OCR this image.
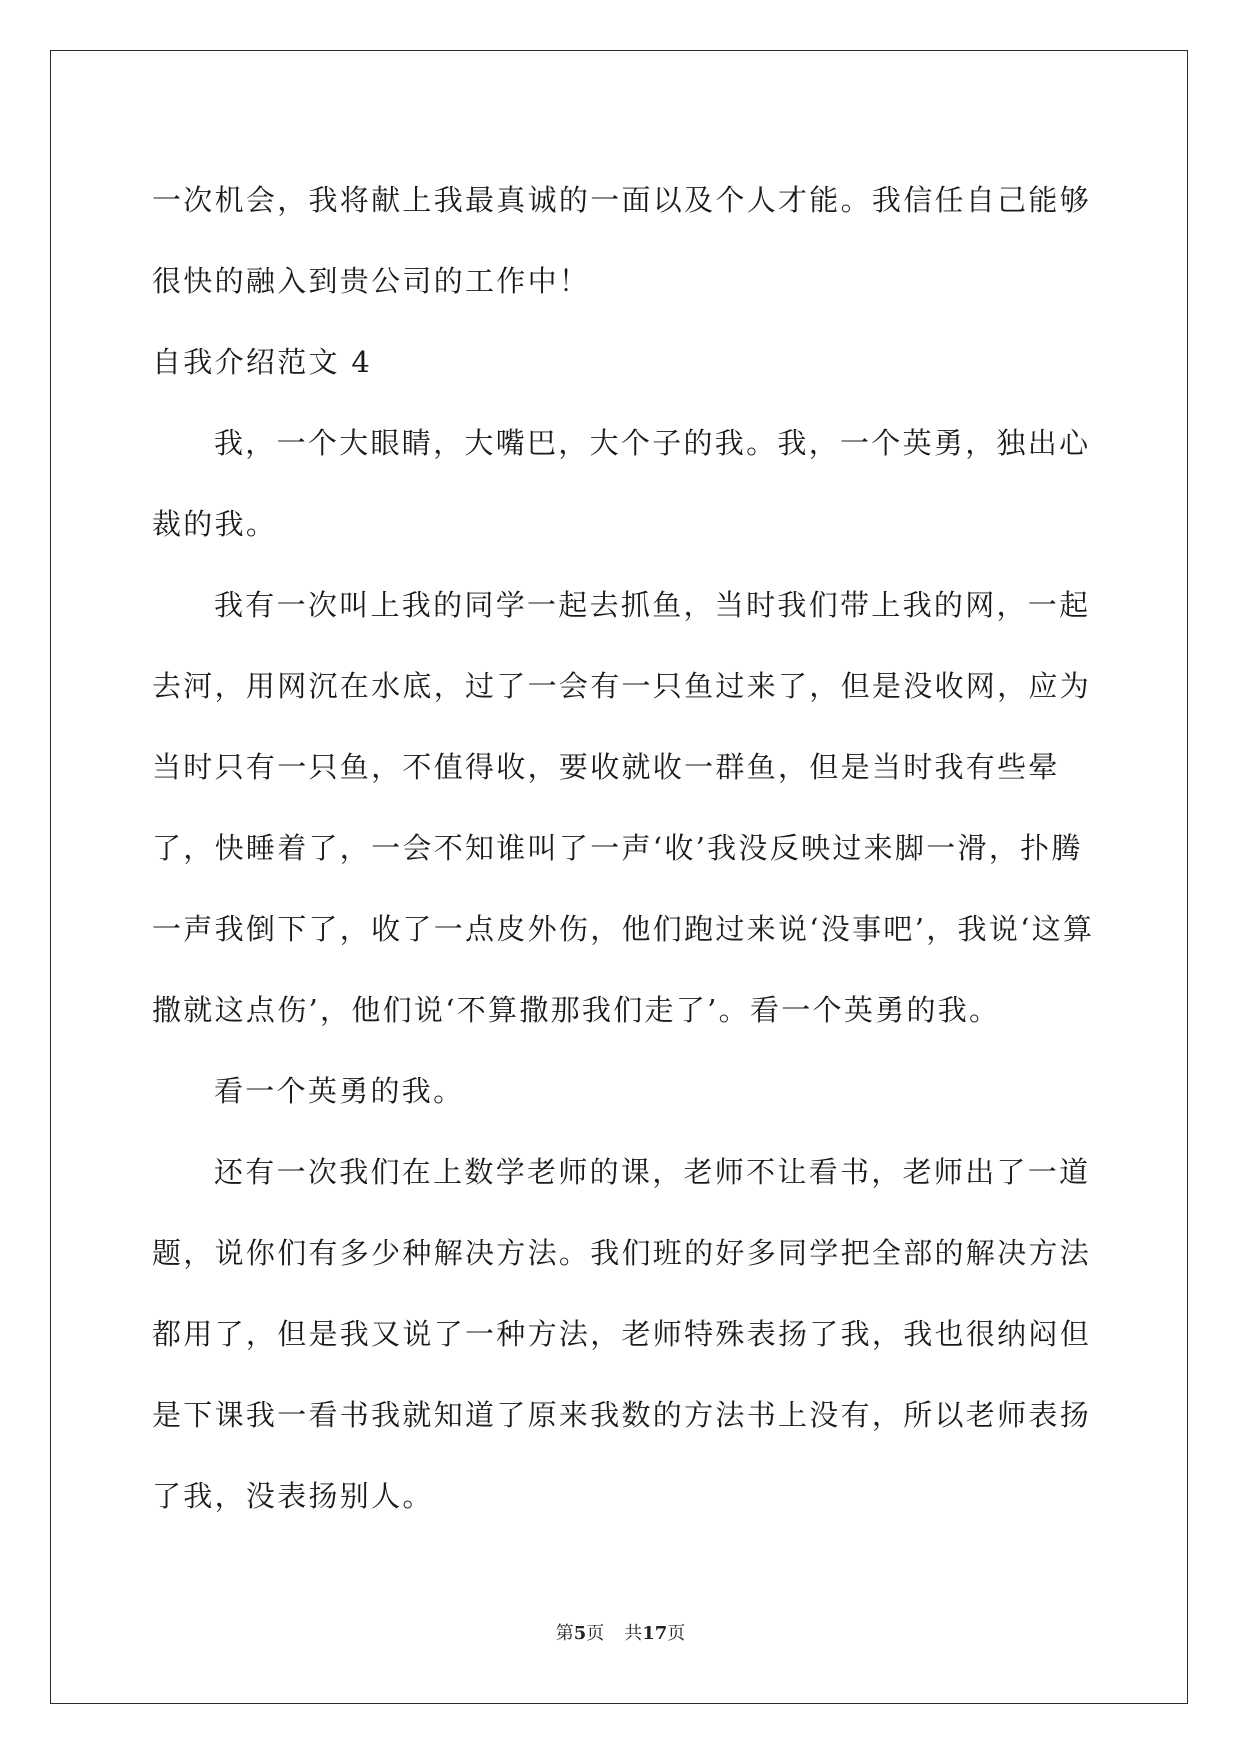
一次机会，我将献上我最真诚的一面以及个人才能。我信任自己能够
很快的融入到贵公司的工作中！

自我介绍范文 4

我，一个大眼睛，大嘴巴，大个子的我。我，一个英勇，独出心裁的我。

我有一次叫上我的同学一起去抓鱼，当时我们带上我的网，一起去河，用网沉在水底，过了一会有一只鱼过来了，但是没收网，应为当时只有一只鱼，不值得收，要收就收一群鱼，但是当时我有些晕了，快睡着了，一会不知谁叫了一声‘收’我没反映过来脚一滑，扑腾一声我倒下了，收了一点皮外伤，他们跑过来说‘没事吧’，我说‘这算撒就这点伤’，他们说‘不算撒那我们走了’。看一个英勇的我。

看一个英勇的我。

还有一次我们在上数学老师的课，老师不让看书，老师出了一道题，说你们有多少种解决方法。我们班的好多同学把全部的解决方法都用了，但是我又说了一种方法，老师特殊表扬了我，我也很纳闷但是下课我一看书我就知道了原来我数的方法书上没有，所以老师表扬了我，没表扬别人。

第5页 共17页
